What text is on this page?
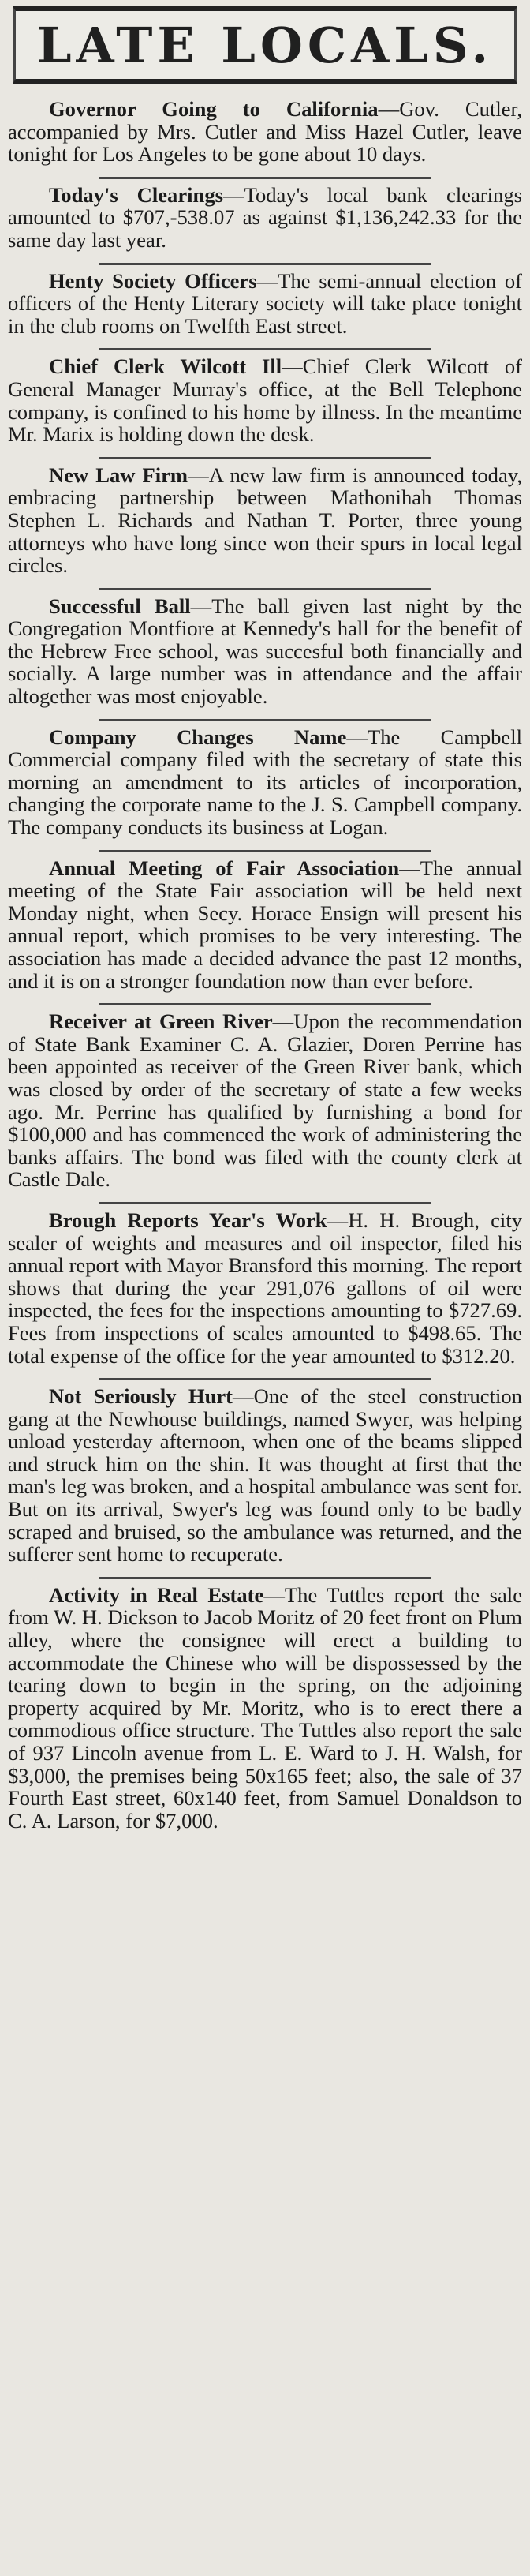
LATE LOCALS.

Governor Going to California—Gov. Cutler, accompanied by Mrs. Cutler and Miss Hazel Cutler, leave tonight for Los Angeles to be gone about 10 days.

Today's Clearings—Today's local bank clearings amounted to $707,-538.07 as against $1,136,242.33 for the same day last year.

Henty Society Officers—The semi-annual election of officers of the Henty Literary society will take place tonight in the club rooms on Twelfth East street.

Chief Clerk Wilcott Ill—Chief Clerk Wilcott of General Manager Murray's office, at the Bell Telephone company, is confined to his home by illness. In the meantime Mr. Marix is holding down the desk.

New Law Firm—A new law firm is announced today, embracing partnership between Mathonihah Thomas Stephen L. Richards and Nathan T. Porter, three young attorneys who have long since won their spurs in local legal circles.

Successful Ball—The ball given last night by the Congregation Montfiore at Kennedy's hall for the benefit of the Hebrew Free school, was succesful both financially and socially. A large number was in attendance and the affair altogether was most enjoyable.

Company Changes Name—The Campbell Commercial company filed with the secretary of state this morning an amendment to its articles of incorporation, changing the corporate name to the J. S. Campbell company. The company conducts its business at Logan.

Annual Meeting of Fair Association—The annual meeting of the State Fair association will be held next Monday night, when Secy. Horace Ensign will present his annual report, which promises to be very interesting. The association has made a decided advance the past 12 months, and it is on a stronger foundation now than ever before.

Receiver at Green River—Upon the recommendation of State Bank Examiner C. A. Glazier, Doren Perrine has been appointed as receiver of the Green River bank, which was closed by order of the secretary of state a few weeks ago. Mr. Perrine has qualified by furnishing a bond for $100,000 and has commenced the work of administering the banks affairs. The bond was filed with the county clerk at Castle Dale.

Brough Reports Year's Work—H. H. Brough, city sealer of weights and measures and oil inspector, filed his annual report with Mayor Bransford this morning. The report shows that during the year 291,076 gallons of oil were inspected, the fees for the inspections amounting to $727.69. Fees from inspections of scales amounted to $498.65. The total expense of the office for the year amounted to $312.20.

Not Seriously Hurt—One of the steel construction gang at the Newhouse buildings, named Swyer, was helping unload yesterday afternoon, when one of the beams slipped and struck him on the shin. It was thought at first that the man's leg was broken, and a hospital ambulance was sent for. But on its arrival, Swyer's leg was found only to be badly scraped and bruised, so the ambulance was returned, and the sufferer sent home to recuperate.

Activity in Real Estate—The Tuttles report the sale from W. H. Dickson to Jacob Moritz of 20 feet front on Plum alley, where the consignee will erect a building to accommodate the Chinese who will be dispossessed by the tearing down to begin in the spring, on the adjoining property acquired by Mr. Moritz, who is to erect there a commodious office structure. The Tuttles also report the sale of 937 Lincoln avenue from L. E. Ward to J. H. Walsh, for $3,000, the premises being 50x165 feet; also, the sale of 37 Fourth East street, 60x140 feet, from Samuel Donaldson to C. A. Larson, for $7,000.
